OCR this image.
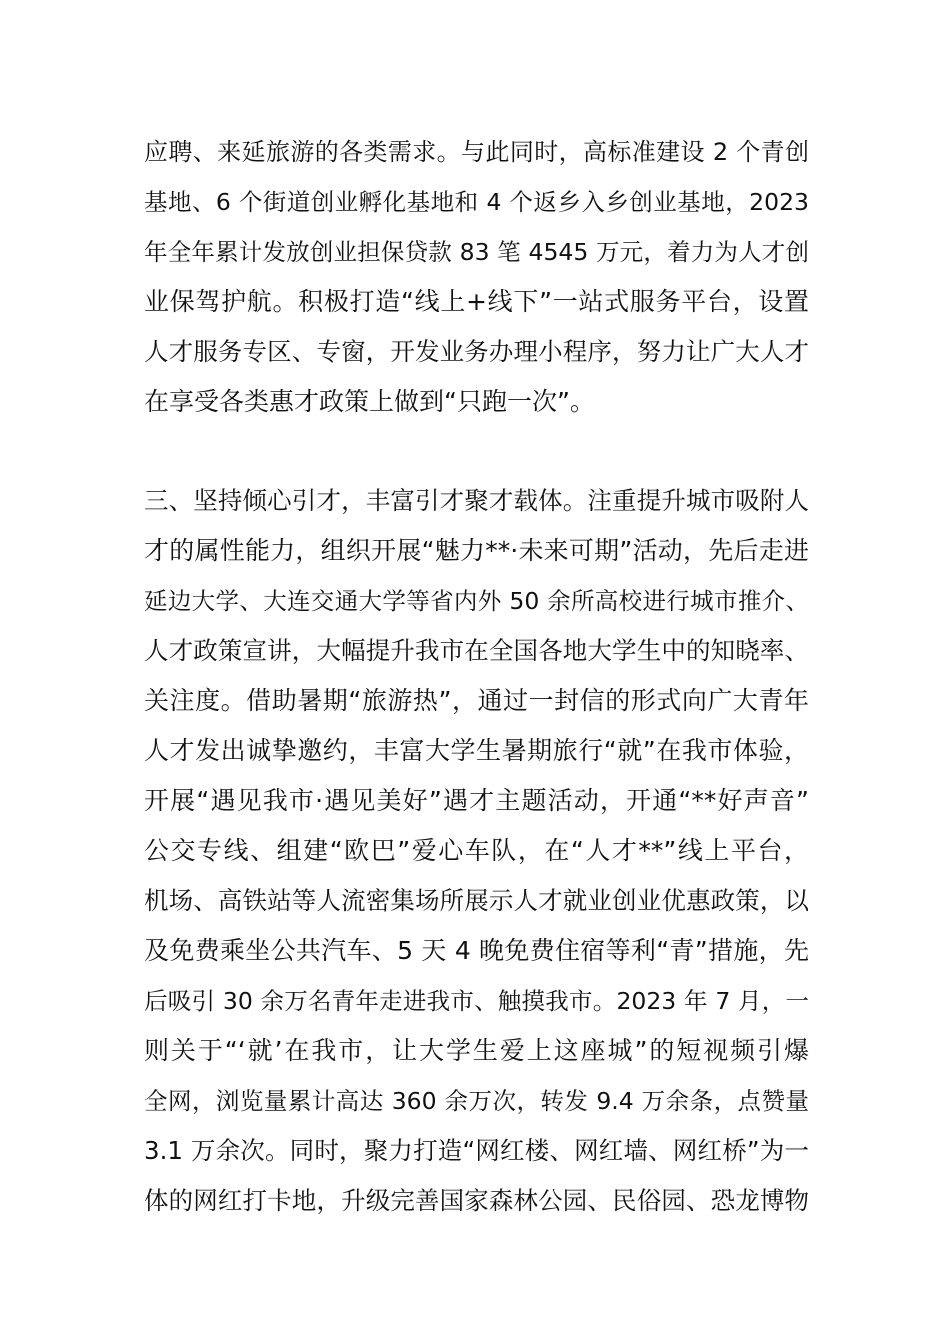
应聘、来延旅游的各类需求。与此同时，高标准建设 2 个青创
基地、6 个街道创业孵化基地和 4 个返乡入乡创业基地，2023
年全年累计发放创业担保贷款 83 笔 4545 万元，着力为人才创
业保驾护航。积极打造“线上+线下”一站式服务平台，设置
人才服务专区、专窗，开发业务办理小程序，努力让广大人才
在享受各类惠才政策上做到“只跑一次”。
三、坚持倾心引才，丰富引才聚才载体。注重提升城市吸附人
才的属性能力，组织开展“魅力**·未来可期”活动，先后走进
延边大学、大连交通大学等省内外 50 余所高校进行城市推介、
人才政策宣讲，大幅提升我市在全国各地大学生中的知晓率、
关注度。借助暑期“旅游热”，通过一封信的形式向广大青年
人才发出诚挚邀约，丰富大学生暑期旅行“就”在我市体验，
开展“遇见我市·遇见美好”遇才主题活动，开通“**好声音”
公交专线、组建“欧巴”爱心车队，在“人才**”线上平台，
机场、高铁站等人流密集场所展示人才就业创业优惠政策，以
及免费乘坐公共汽车、5 天 4 晚免费住宿等利“青”措施，先
后吸引 30 余万名青年走进我市、触摸我市。2023 年 7 月，一
则关于“‘就’在我市，让大学生爱上这座城”的短视频引爆
全网，浏览量累计高达 360 余万次，转发 9.4 万余条，点赞量
3.1 万余次。同时，聚力打造“网红楼、网红墙、网红桥”为一
体的网红打卡地，升级完善国家森林公园、民俗园、恐龙博物
